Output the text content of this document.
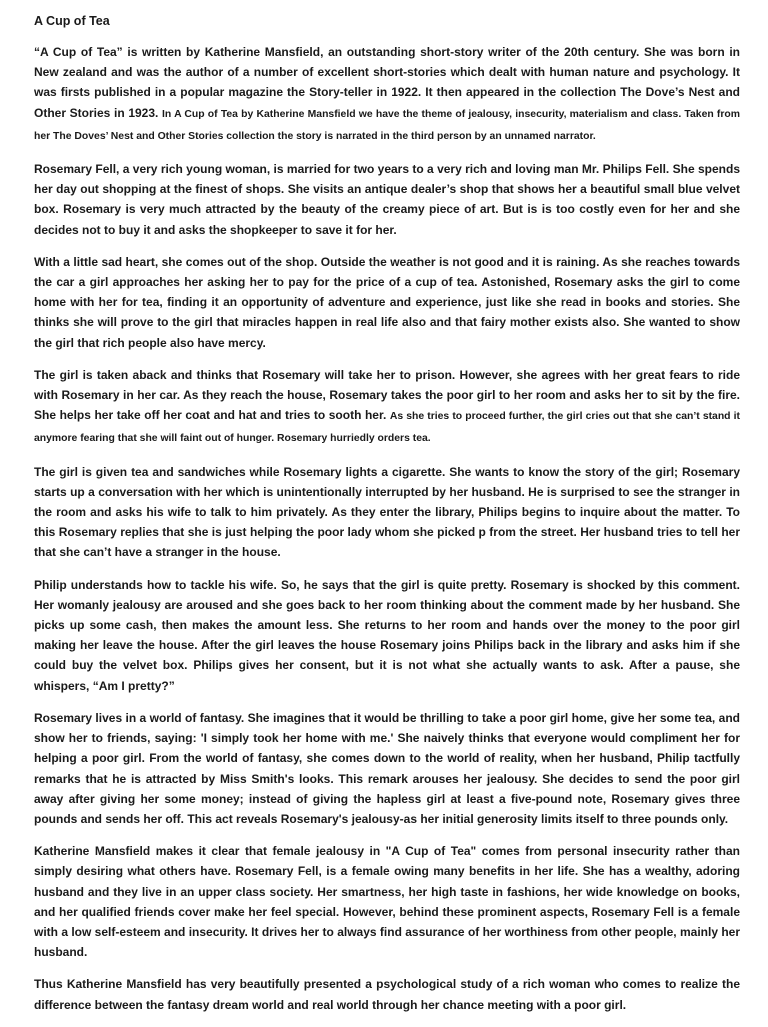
A Cup of Tea

“A Cup of Tea” is written by Katherine Mansfield, an outstanding short-story writer of the 20th century. She was born in New zealand and was the author of a number of excellent short-stories which dealt with human nature and psychology. It was firsts published in a popular magazine the Story-teller in 1922. It then appeared in the collection The Dove’s Nest and Other Stories in 1923. In A Cup of Tea by Katherine Mansfield we have the theme of jealousy, insecurity, materialism and class. Taken from her The Doves’ Nest and Other Stories collection the story is narrated in the third person by an unnamed narrator.

Rosemary Fell, a very rich young woman, is married for two years to a very rich and loving man Mr. Philips Fell. She spends her day out shopping at the finest of shops. She visits an antique dealer’s shop that shows her a beautiful small blue velvet box. Rosemary is very much attracted by the beauty of the creamy piece of art. But is is too costly even for her and she decides not to buy it and asks the shopkeeper to save it for her.

With a little sad heart, she comes out of the shop. Outside the weather is not good and it is raining. As she reaches towards the car a girl approaches her asking her to pay for the price of a cup of tea. Astonished, Rosemary asks the girl to come home with her for tea, finding it an opportunity of adventure and experience, just like she read in books and stories. She thinks she will prove to the girl that miracles happen in real life also and that fairy mother exists also. She wanted to show the girl that rich people also have mercy.

The girl is taken aback and thinks that Rosemary will take her to prison. However, she agrees with her great fears to ride with Rosemary in her car. As they reach the house, Rosemary takes the poor girl to her room and asks her to sit by the fire. She helps her take off her coat and hat and tries to sooth her. As she tries to proceed further, the girl cries out that she can’t stand it anymore fearing that she will faint out of hunger. Rosemary hurriedly orders tea.

The girl is given tea and sandwiches while Rosemary lights a cigarette. She wants to know the story of the girl; Rosemary starts up a conversation with her which is unintentionally interrupted by her husband. He is surprised to see the stranger in the room and asks his wife to talk to him privately. As they enter the library, Philips begins to inquire about the matter. To this Rosemary replies that she is just helping the poor lady whom she picked p from the street. Her husband tries to tell her that she can’t have a stranger in the house.

Philip understands how to tackle his wife. So, he says that the girl is quite pretty. Rosemary is shocked by this comment. Her womanly jealousy are aroused and she goes back to her room thinking about the comment made by her husband. She picks up some cash, then makes the amount less. She returns to her room and hands over the money to the poor girl making her leave the house. After the girl leaves the house Rosemary joins Philips back in the library and asks him if she could buy the velvet box. Philips gives her consent, but it is not what she actually wants to ask. After a pause, she whispers, “Am I pretty?”

Rosemary lives in a world of fantasy. She imagines that it would be thrilling to take a poor girl home, give her some tea, and show her to friends, saying: 'I simply took her home with me.' She naively thinks that everyone would compliment her for helping a poor girl. From the world of fantasy, she comes down to the world of reality, when her husband, Philip tactfully remarks that he is attracted by Miss Smith's looks. This remark arouses her jealousy. She decides to send the poor girl away after giving her some money; instead of giving the hapless girl at least a five-pound note, Rosemary gives three pounds and sends her off. This act reveals Rosemary's jealousy-as her initial generosity limits itself to three pounds only.

Katherine Mansfield makes it clear that female jealousy in "A Cup of Tea" comes from personal insecurity rather than simply desiring what others have. Rosemary Fell, is a female owing many benefits in her life. She has a wealthy, adoring husband and they live in an upper class society. Her smartness, her high taste in fashions, her wide knowledge on books, and her qualified friends cover make her feel special. However, behind these prominent aspects, Rosemary Fell is a female with a low self-esteem and insecurity. It drives her to always find assurance of her worthiness from other people, mainly her husband.

Thus Katherine Mansfield has very beautifully presented a psychological study of a rich woman who comes to realize the difference between the fantasy dream world and real world through her chance meeting with a poor girl.
